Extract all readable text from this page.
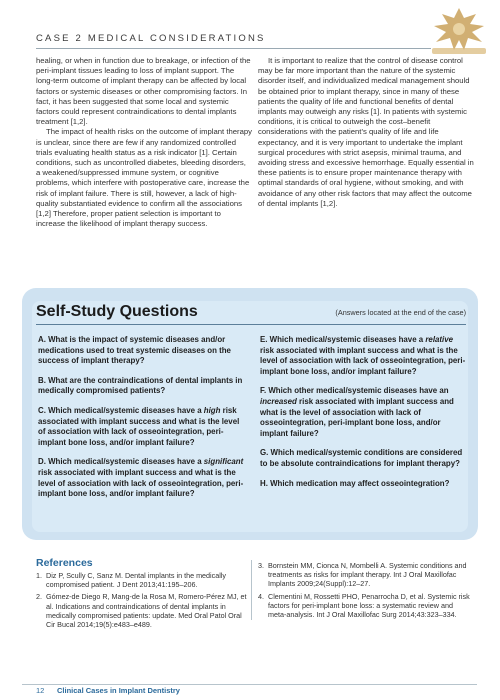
CASE 2 MEDICAL CONSIDERATIONS

healing, or when in function due to breakage, or infection of the peri-implant tissues leading to loss of implant support. The long-term outcome of implant therapy can be affected by local factors or systemic diseases or other compromising factors. In fact, it has been suggested that some local and systemic factors could represent contraindications to dental implants treatment [1,2].

The impact of health risks on the outcome of implant therapy is unclear, since there are few if any randomized controlled trials evaluating health status as a risk indicator [1]. Certain conditions, such as uncontrolled diabetes, bleeding disorders, a weakened/suppressed immune system, or cognitive problems, which interfere with postoperative care, increase the risk of implant failure. There is still, however, a lack of high-quality substantiated evidence to confirm all the associations [1,2] Therefore, proper patient selection is important to increase the likelihood of implant therapy success.

It is important to realize that the control of disease control may be far more important than the nature of the systemic disorder itself, and individualized medical management should be obtained prior to implant therapy, since in many of these patients the quality of life and functional benefits of dental implants may outweigh any risks [1]. In patients with systemic conditions, it is critical to outweigh the cost–benefit considerations with the patient’s quality of life and life expectancy, and it is very important to undertake the implant surgical procedures with strict asepsis, minimal trauma, and avoiding stress and excessive hemorrhage. Equally essential in these patients is to ensure proper maintenance therapy with optimal standards of oral hygiene, without smoking, and with avoidance of any other risk factors that may affect the outcome of dental implants [1,2].

Self-Study Questions	(Answers located at the end of the case)
A. What is the impact of systemic diseases and/or medications used to treat systemic diseases on the success of implant therapy?
B. What are the contraindications of dental implants in medically compromised patients?
C. Which medical/systemic diseases have a high risk associated with implant success and what is the level of association with lack of osseointegration, peri-implant bone loss, and/or implant failure?
D. Which medical/systemic diseases have a significant risk associated with implant success and what is the level of association with lack of osseointegration, peri-implant bone loss, and/or implant failure?
E. Which medical/systemic diseases have a relative risk associated with implant success and what is the level of association with lack of osseointegration, peri-implant bone loss, and/or implant failure?
F. Which other medical/systemic diseases have an increased risk associated with implant success and what is the level of association with lack of osseointegration, peri-implant bone loss, and/or implant failure?
G. Which medical/systemic conditions are considered to be absolute contraindications for implant therapy?
H. Which medication may affect osseointegration?
References
1. Diz P, Scully C, Sanz M. Dental implants in the medically compromised patient. J Dent 2013;41:195–206.
2. Gómez-de Diego R, Mang-de la Rosa M, Romero-Pérez MJ, et al. Indications and contraindications of dental implants in medically compromised patients: update. Med Oral Patol Oral Cir Bucal 2014;19(5):e483–e489.
3. Bornstein MM, Cionca N, Mombelli A. Systemic conditions and treatments as risks for implant therapy. Int J Oral Maxillofac Implants 2009;24(Suppl):12–27.
4. Clementini M, Rossetti PHO, Penarrocha D, et al. Systemic risk factors for peri-implant bone loss: a systematic review and meta-analysis. Int J Oral Maxillofac Surg 2014;43:323–334.
12 Clinical Cases in Implant Dentistry
